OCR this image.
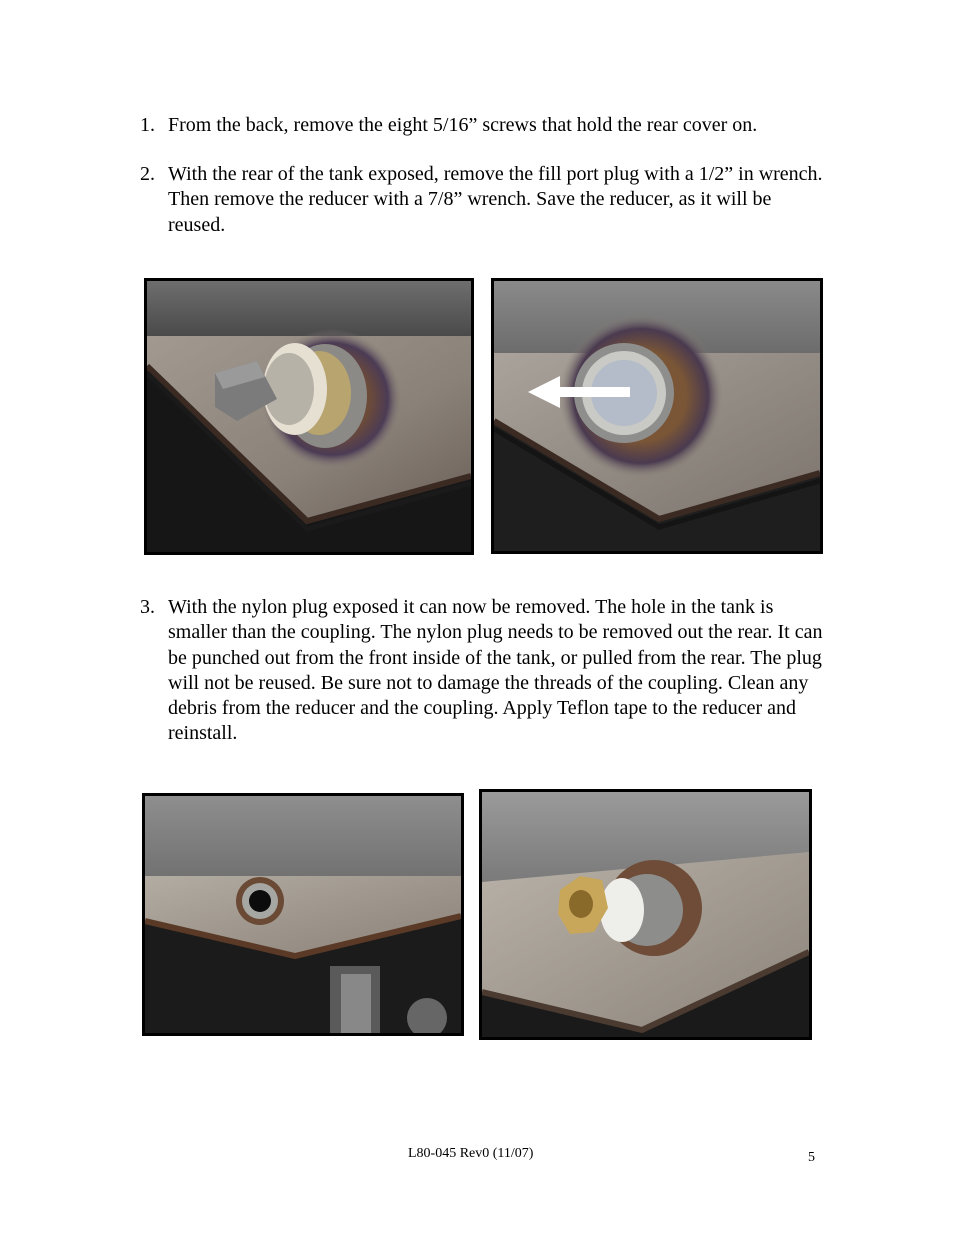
1. From the back, remove the eight 5/16” screws that hold the rear cover on.
2. With the rear of the tank exposed, remove the fill port plug with a 1/2” in wrench. Then remove the reducer with a 7/8” wrench. Save the reducer, as it will be reused.
3. With the nylon plug exposed it can now be removed. The hole in the tank is smaller than the coupling. The nylon plug needs to be removed out the rear. It can be punched out from the front inside of the tank, or pulled from the rear. The plug will not be reused. Be sure not to damage the threads of the coupling. Clean any debris from the reducer and the coupling. Apply Teflon tape to the reducer and reinstall.
L80-045 Rev0 (11/07)	5
